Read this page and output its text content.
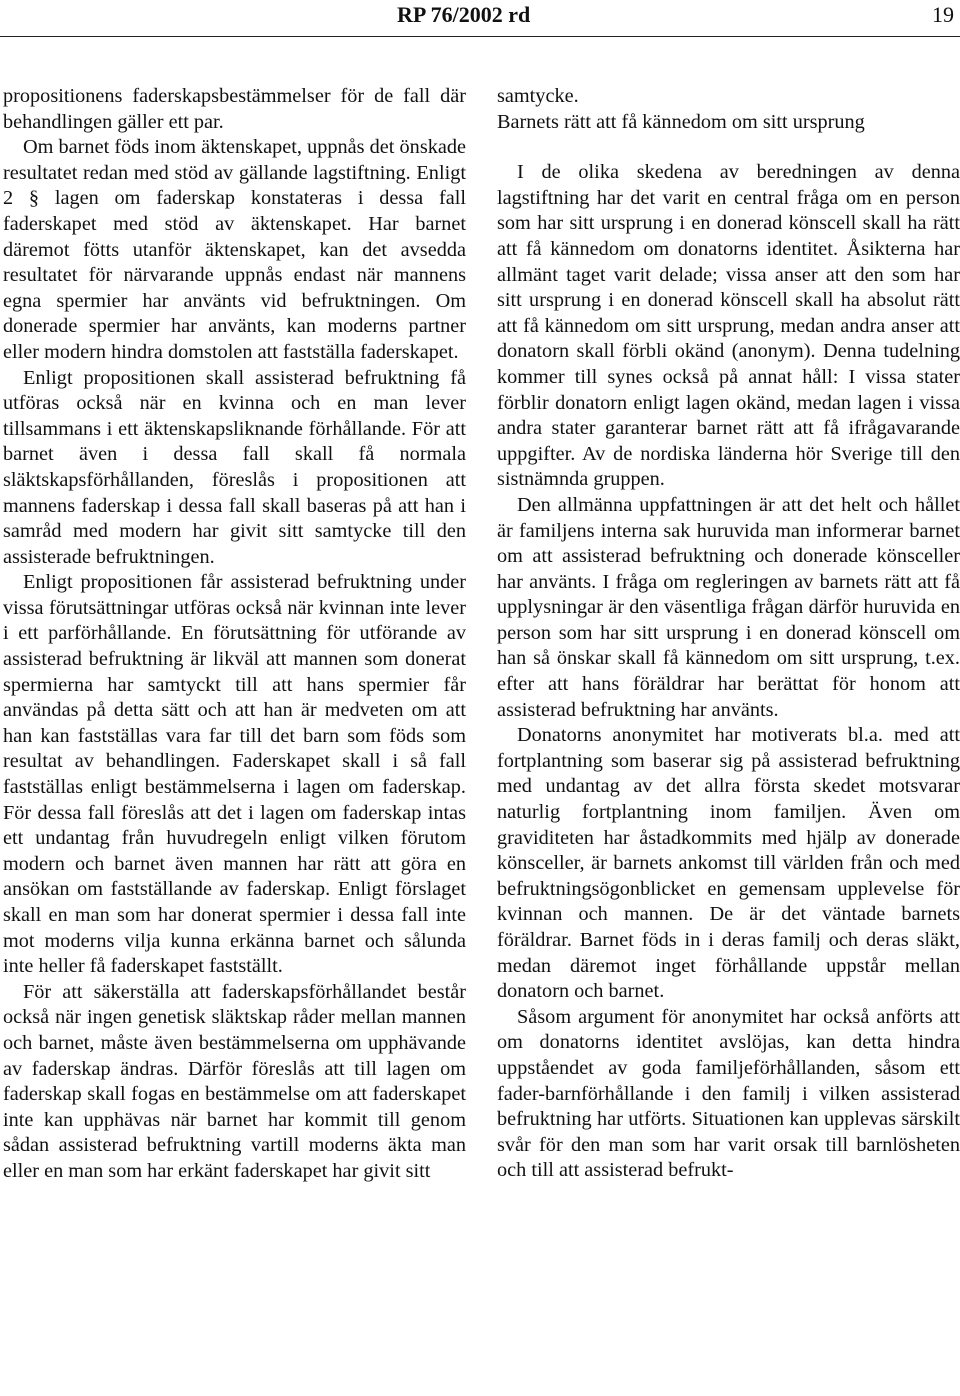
RP 76/2002 rd	19

propositionens faderskapsbestämmelser för de fall där behandlingen gäller ett par.

Om barnet föds inom äktenskapet, uppnås det önskade resultatet redan med stöd av gällande lagstiftning. Enligt 2 § lagen om faderskap konstateras i dessa fall faderskapet med stöd av äktenskapet. Har barnet däremot fötts utanför äktenskapet, kan det avsedda resultatet för närvarande uppnås endast när mannens egna spermier har använts vid befruktningen. Om donerade spermier har använts, kan moderns partner eller modern hindra domstolen att fastställa faderskapet.

Enligt propositionen skall assisterad befruktning få utföras också när en kvinna och en man lever tillsammans i ett äktenskapsliknande förhållande. För att barnet även i dessa fall skall få normala släktskapsförhållanden, föreslås i propositionen att mannens faderskap i dessa fall skall baseras på att han i samråd med modern har givit sitt samtycke till den assisterade befruktningen.

Enligt propositionen får assisterad befruktning under vissa förutsättningar utföras också när kvinnan inte lever i ett parförhållande. En förutsättning för utförande av assisterad befruktning är likväl att mannen som donerat spermierna har samtyckt till att hans spermier får användas på detta sätt och att han är medveten om att han kan fastställas vara far till det barn som föds som resultat av behandlingen. Faderskapet skall i så fall fastställas enligt bestämmelserna i lagen om faderskap. För dessa fall föreslås att det i lagen om faderskap intas ett undantag från huvudregeln enligt vilken förutom modern och barnet även mannen har rätt att göra en ansökan om fastställande av faderskap. Enligt förslaget skall en man som har donerat spermier i dessa fall inte mot moderns vilja kunna erkänna barnet och sålunda inte heller få faderskapet fastställt.

För att säkerställa att faderskapsförhållandet består också när ingen genetisk släktskap råder mellan mannen och barnet, måste även bestämmelserna om upphävande av faderskap ändras. Därför föreslås att till lagen om faderskap skall fogas en bestämmelse om att faderskapet inte kan upphävas när barnet har kommit till genom sådan assisterad befruktning vartill moderns äkta man eller en man som har erkänt faderskapet har givit sitt

samtycke.

Barnets rätt att få kännedom om sitt ursprung

I de olika skedena av beredningen av denna lagstiftning har det varit en central fråga om en person som har sitt ursprung i en donerad könscell skall ha rätt att få kännedom om donatorns identitet. Åsikterna har allmänt taget varit delade; vissa anser att den som har sitt ursprung i en donerad könscell skall ha absolut rätt att få kännedom om sitt ursprung, medan andra anser att donatorn skall förbli okänd (anonym). Denna tudelning kommer till synes också på annat håll: I vissa stater förblir donatorn enligt lagen okänd, medan lagen i vissa andra stater garanterar barnet rätt att få ifrågavarande uppgifter. Av de nordiska länderna hör Sverige till den sistnämnda gruppen.

Den allmänna uppfattningen är att det helt och hållet är familjens interna sak huruvida man informerar barnet om att assisterad befruktning och donerade könsceller har använts. I fråga om regleringen av barnets rätt att få upplysningar är den väsentliga frågan därför huruvida en person som har sitt ursprung i en donerad könscell om han så önskar skall få kännedom om sitt ursprung, t.ex. efter att hans föräldrar har berättat för honom att assisterad befruktning har använts.

Donatorns anonymitet har motiverats bl.a. med att fortplantning som baserar sig på assisterad befruktning med undantag av det allra första skedet motsvarar naturlig fortplantning inom familjen. Även om graviditeten har åstadkommits med hjälp av donerade könsceller, är barnets ankomst till världen från och med befruktningsögonblicket en gemensam upplevelse för kvinnan och mannen. De är det väntade barnets föräldrar. Barnet föds in i deras familj och deras släkt, medan däremot inget förhållande uppstår mellan donatorn och barnet.

Såsom argument för anonymitet har också anförts att om donatorns identitet avslöjas, kan detta hindra uppståendet av goda familjeförhållanden, såsom ett fader-barnförhållande i den familj i vilken assisterad befruktning har utförts. Situationen kan upplevas särskilt svår för den man som har varit orsak till barnlösheten och till att assisterad befrukt-
